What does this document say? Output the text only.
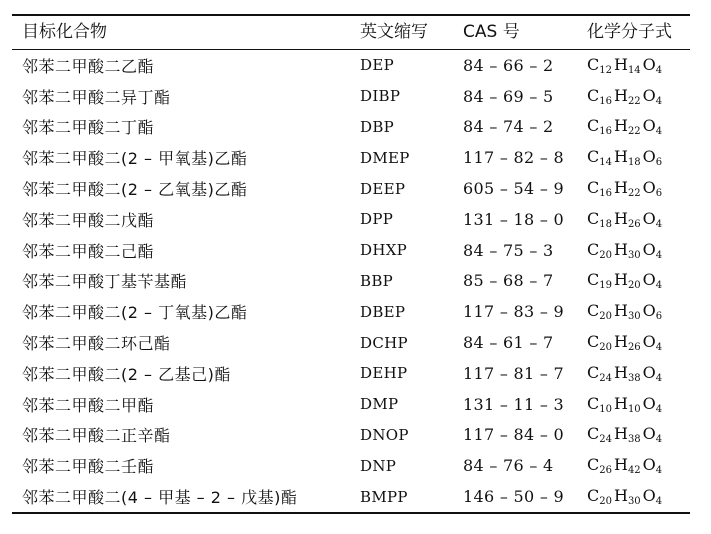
目标化合物	英文缩写	CAS 号	化学分子式
邻苯二甲酸二乙酯	DEP	84 – 66 – 2	C12 H14 O4
邻苯二甲酸二异丁酯	DIBP	84 – 69 – 5	C16 H22 O4
邻苯二甲酸二丁酯	DBP	84 – 74 – 2	C16 H22 O4
邻苯二甲酸二(2 – 甲氧基)乙酯	DMEP	117 – 82 – 8	C14 H18 O6
邻苯二甲酸二(2 – 乙氧基)乙酯	DEEP	605 – 54 – 9	C16 H22 O6
邻苯二甲酸二戊酯	DPP	131 – 18 – 0	C18 H26 O4
邻苯二甲酸二己酯	DHXP	84 – 75 – 3	C20 H30 O4
邻苯二甲酸丁基苄基酯	BBP	85 – 68 – 7	C19 H20 O4
邻苯二甲酸二(2 – 丁氧基)乙酯	DBEP	117 – 83 – 9	C20 H30 O6
邻苯二甲酸二环己酯	DCHP	84 – 61 – 7	C20 H26 O4
邻苯二甲酸二(2 – 乙基己)酯	DEHP	117 – 81 – 7	C24 H38 O4
邻苯二甲酸二甲酯	DMP	131 – 11 – 3	C10 H10 O4
邻苯二甲酸二正辛酯	DNOP	117 – 84 – 0	C24 H38 O4
邻苯二甲酸二壬酯	DNP	84 – 76 – 4	C26 H42 O4
邻苯二甲酸二(4 – 甲基 – 2 – 戊基)酯	BMPP	146 – 50 – 9	C20 H30 O4
